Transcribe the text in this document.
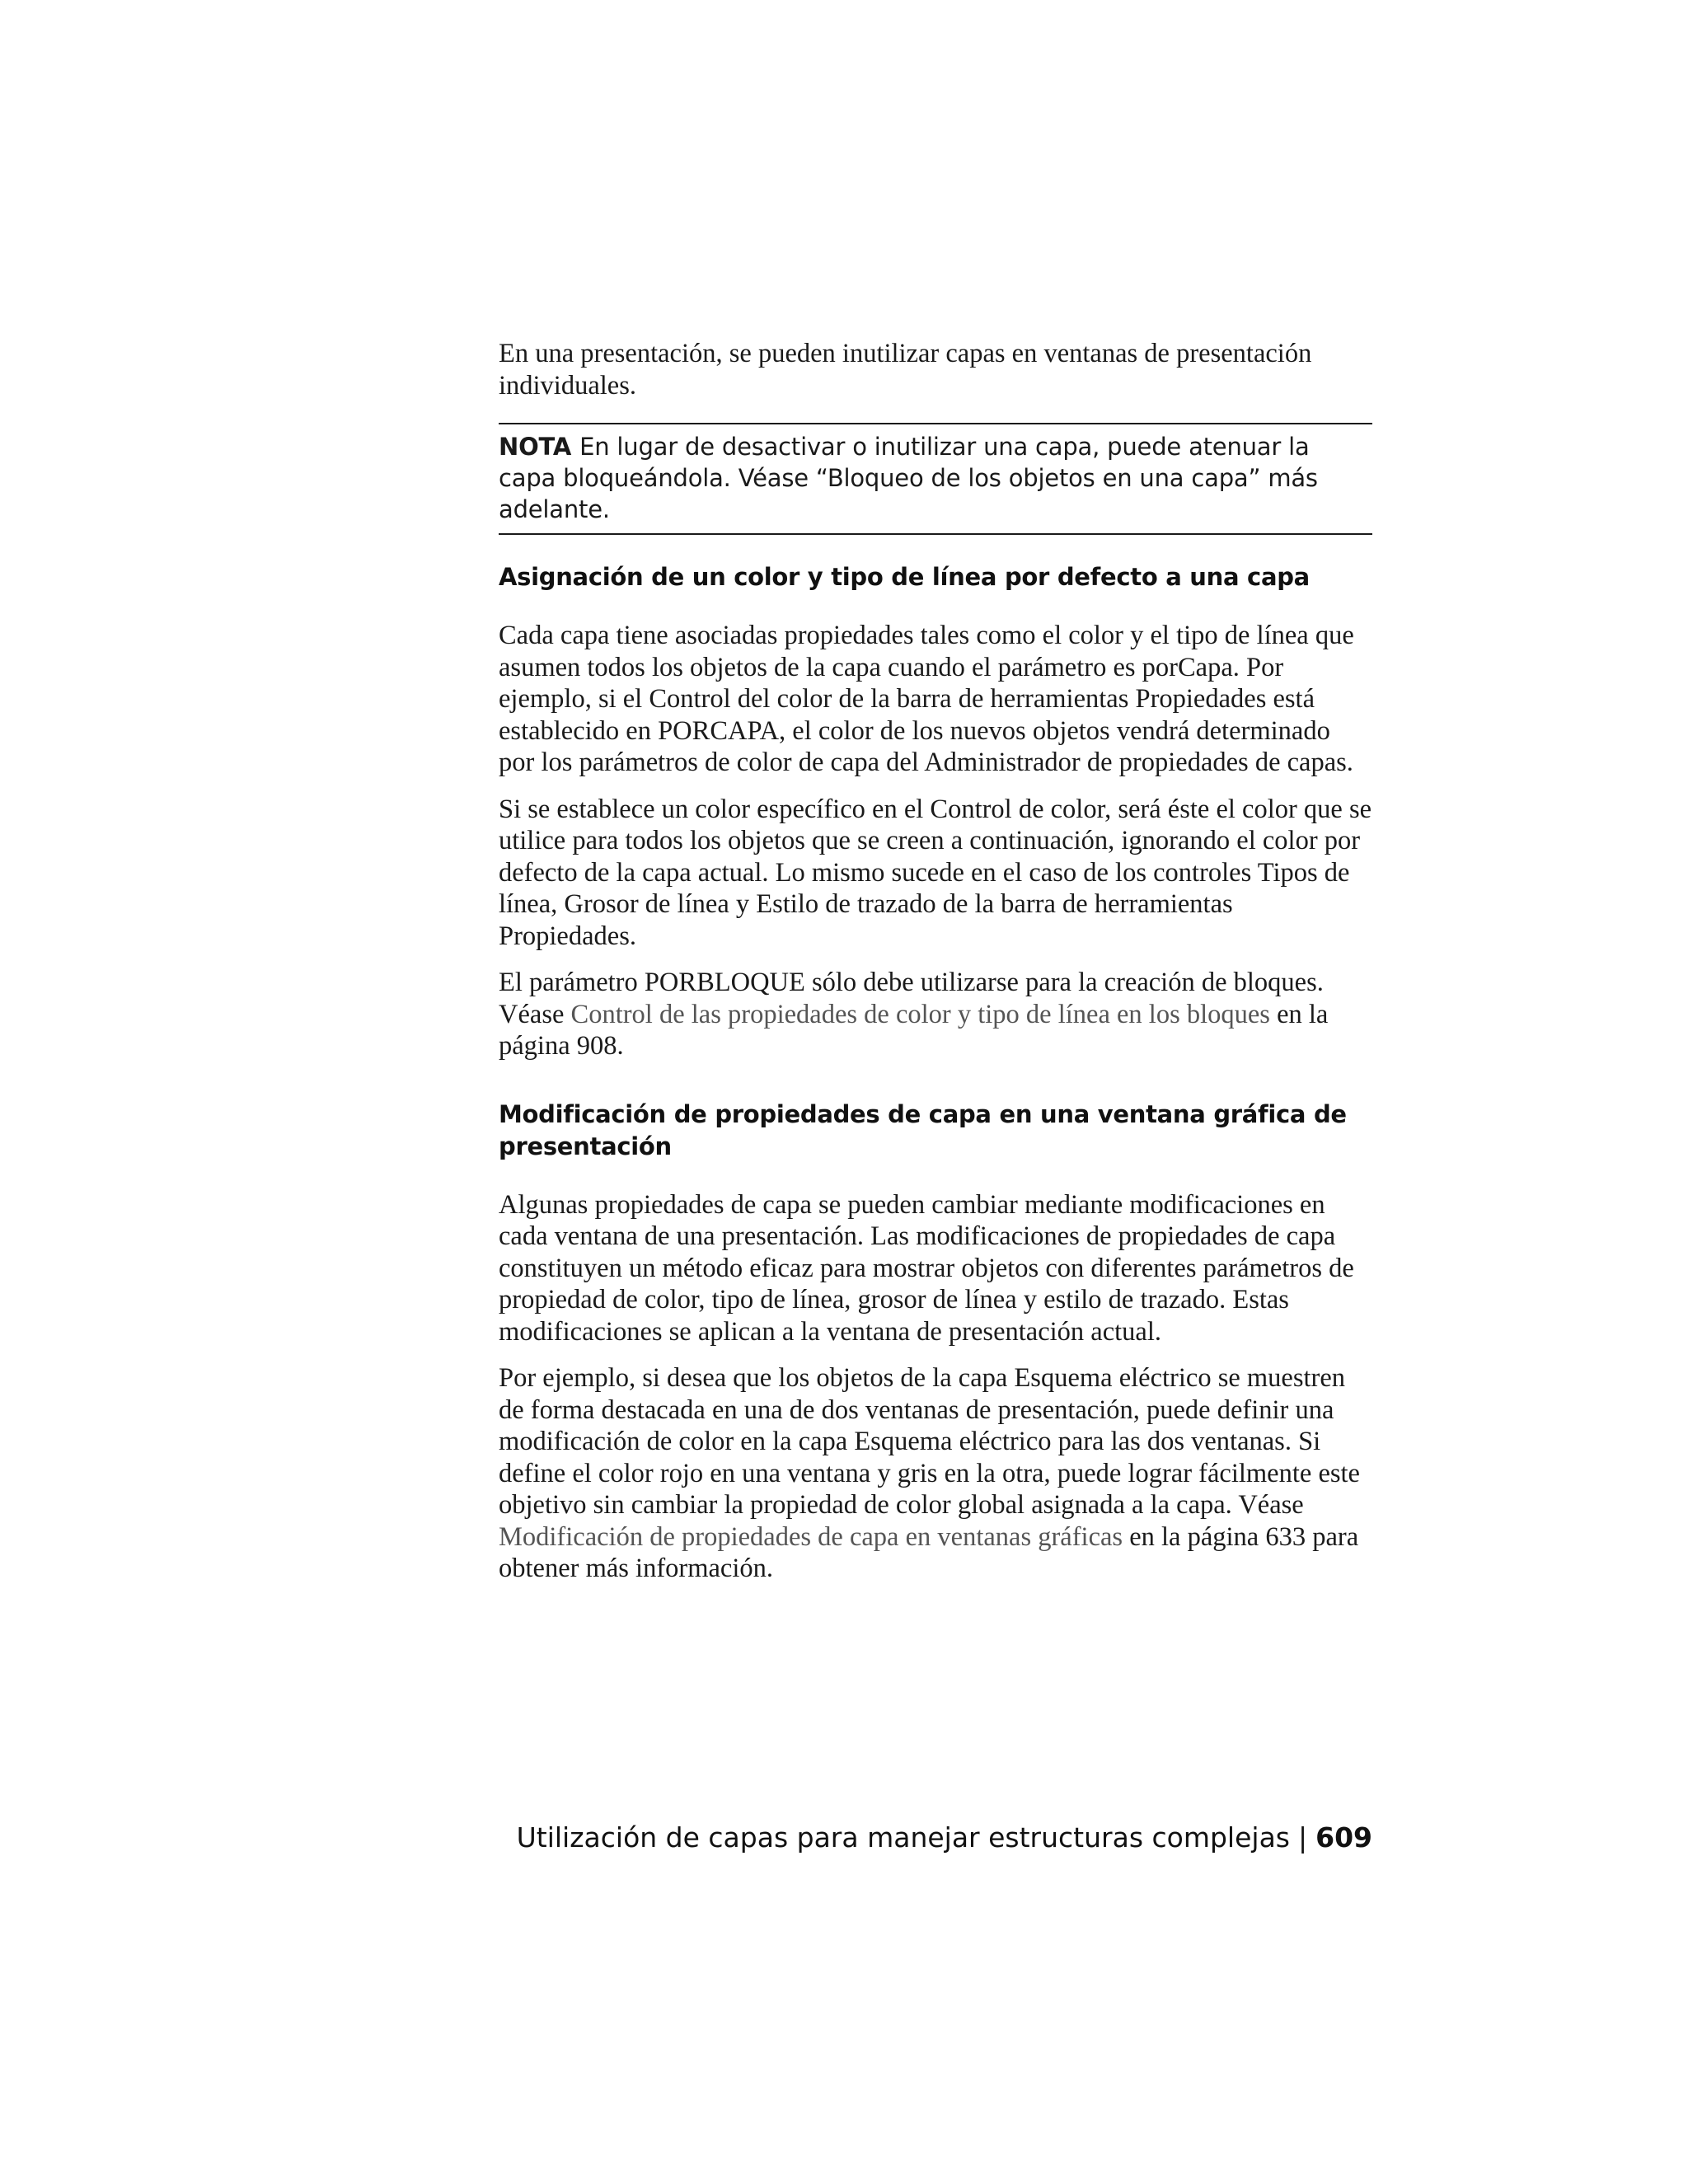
En una presentación, se pueden inutilizar capas en ventanas de presentación individuales.

NOTA En lugar de desactivar o inutilizar una capa, puede atenuar la capa bloqueándola. Véase “Bloqueo de los objetos en una capa” más adelante.
Asignación de un color y tipo de línea por defecto a una capa

Cada capa tiene asociadas propiedades tales como el color y el tipo de línea que asumen todos los objetos de la capa cuando el parámetro es porCapa. Por ejemplo, si el Control del color de la barra de herramientas Propiedades está establecido en PORCAPA, el color de los nuevos objetos vendrá determinado por los parámetros de color de capa del Administrador de propiedades de capas.

Si se establece un color específico en el Control de color, será éste el color que se utilice para todos los objetos que se creen a continuación, ignorando el color por defecto de la capa actual. Lo mismo sucede en el caso de los controles Tipos de línea, Grosor de línea y Estilo de trazado de la barra de herramientas Propiedades.

El parámetro PORBLOQUE sólo debe utilizarse para la creación de bloques. Véase Control de las propiedades de color y tipo de línea en los bloques en la página 908.

Modificación de propiedades de capa en una ventana gráfica de presentación

Algunas propiedades de capa se pueden cambiar mediante modificaciones en cada ventana de una presentación. Las modificaciones de propiedades de capa constituyen un método eficaz para mostrar objetos con diferentes parámetros de propiedad de color, tipo de línea, grosor de línea y estilo de trazado. Estas modificaciones se aplican a la ventana de presentación actual.

Por ejemplo, si desea que los objetos de la capa Esquema eléctrico se muestren de forma destacada en una de dos ventanas de presentación, puede definir una modificación de color en la capa Esquema eléctrico para las dos ventanas. Si define el color rojo en una ventana y gris en la otra, puede lograr fácilmente este objetivo sin cambiar la propiedad de color global asignada a la capa. Véase Modificación de propiedades de capa en ventanas gráficas en la página 633 para obtener más información.

Utilización de capas para manejar estructuras complejas | 609
